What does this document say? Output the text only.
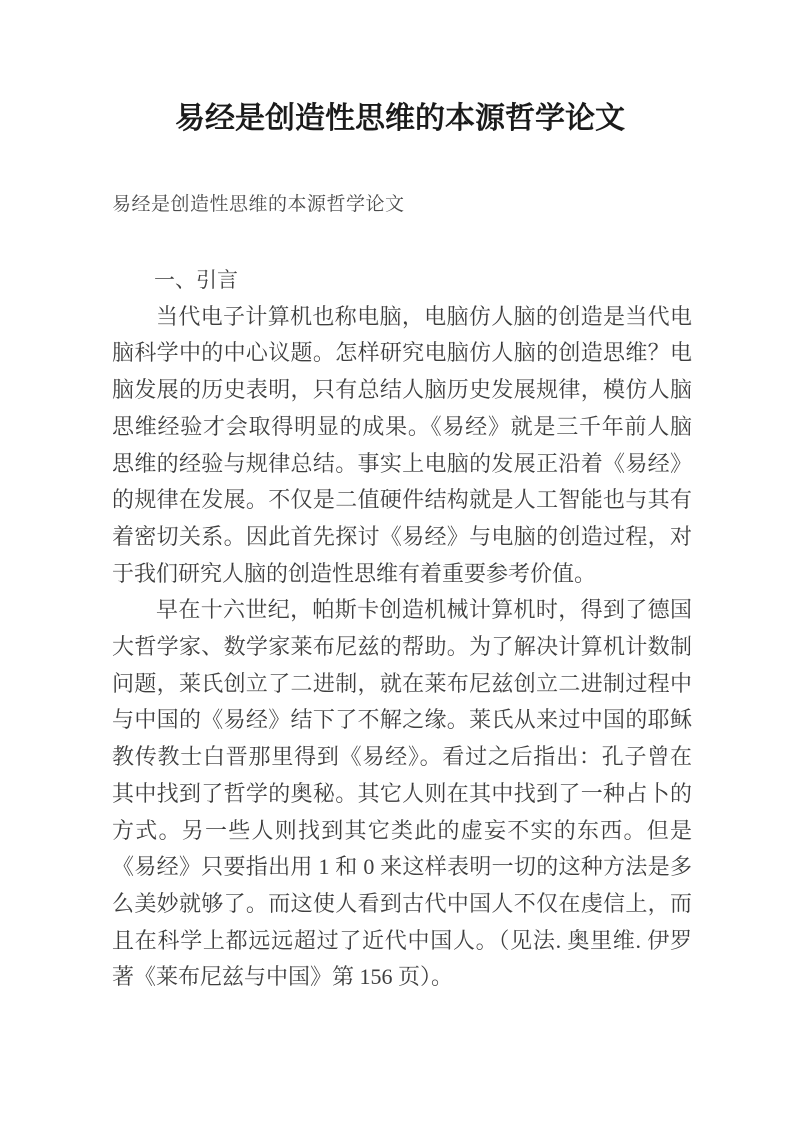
易经是创造性思维的本源哲学论文

易经是创造性思维的本源哲学论文

一、引言

当代电子计算机也称电脑，电脑仿人脑的创造是当代电
脑科学中的中心议题。怎样研究电脑仿人脑的创造思维？电
脑发展的历史表明，只有总结人脑历史发展规律，模仿人脑
思维经验才会取得明显的成果。《易经》就是三千年前人脑
思维的经验与规律总结。事实上电脑的发展正沿着《易经》
的规律在发展。不仅是二值硬件结构就是人工智能也与其有
着密切关系。因此首先探讨《易经》与电脑的创造过程，对
于我们研究人脑的创造性思维有着重要参考价值。
早在十六世纪，帕斯卡创造机械计算机时，得到了德国
大哲学家、数学家莱布尼兹的帮助。为了解决计算机计数制
问题，莱氏创立了二进制，就在莱布尼兹创立二进制过程中
与中国的《易经》结下了不解之缘。莱氏从来过中国的耶稣
教传教士白晋那里得到《易经》。看过之后指出：孔子曾在
其中找到了哲学的奥秘。其它人则在其中找到了一种占卜的
方式。另一些人则找到其它类此的虚妄不实的东西。但是
《易经》只要指出用 1 和 0 来这样表明一切的这种方法是多
么美妙就够了。而这使人看到古代中国人不仅在虔信上，而
且在科学上都远远超过了近代中国人。（见法. 奥里维. 伊罗
著《莱布尼兹与中国》第 156 页）。
